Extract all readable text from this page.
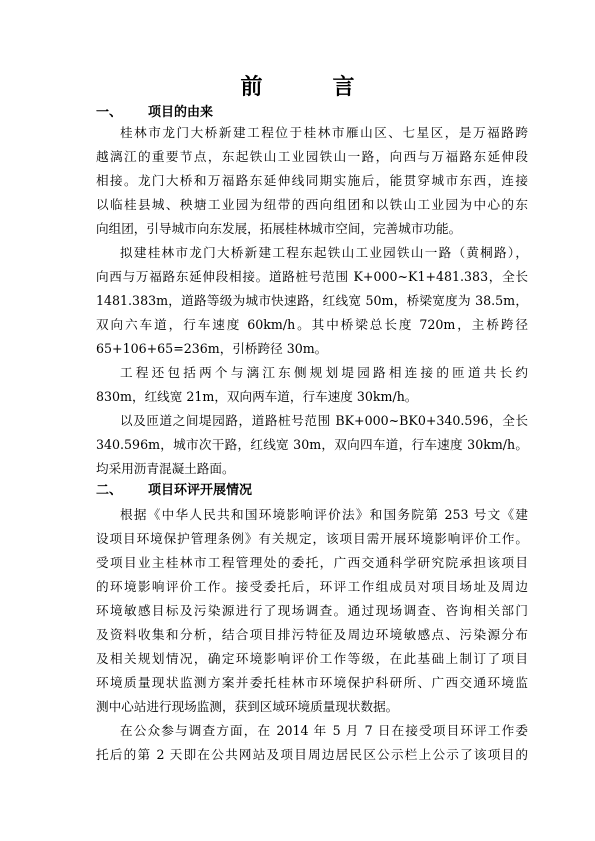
前　言
一、 项目的由来
桂林市龙门大桥新建工程位于桂林市雁山区、七星区，是万福路跨
越漓江的重要节点，东起铁山工业园铁山一路，向西与万福路东延伸段
相接。龙门大桥和万福路东延伸线同期实施后，能贯穿城市东西，连接
以临桂县城、秧塘工业园为纽带的西向组团和以铁山工业园为中心的东
向组团，引导城市向东发展，拓展桂林城市空间，完善城市功能。
拟建桂林市龙门大桥新建工程东起铁山工业园铁山一路（黄桐路），
向西与万福路东延伸段相接。道路桩号范围 K+000~K1+481.383，全长
1481.383m，道路等级为城市快速路，红线宽 50m，桥梁宽度为 38.5m，
双向六车道，行车速度 60km/h。其中桥梁总长度 720m，主桥跨径
65+106+65=236m，引桥跨径 30m。
工程还包括两个与漓江东侧规划堤园路相连接的匝道共长约
830m，红线宽 21m，双向两车道，行车速度 30km/h。
以及匝道之间堤园路，道路桩号范围 BK+000~BK0+340.596，全长
340.596m，城市次干路，红线宽 30m，双向四车道，行车速度 30km/h。
均采用沥青混凝土路面。
二、 项目环评开展情况
根据《中华人民共和国环境影响评价法》和国务院第 253 号文《建
设项目环境保护管理条例》有关规定，该项目需开展环境影响评价工作。
受项目业主桂林市工程管理处的委托，广西交通科学研究院承担该项目
的环境影响评价工作。接受委托后，环评工作组成员对项目场址及周边
环境敏感目标及污染源进行了现场调查。通过现场调查、咨询相关部门
及资料收集和分析，结合项目排污特征及周边环境敏感点、污染源分布
及相关规划情况，确定环境影响评价工作等级，在此基础上制订了项目
环境质量现状监测方案并委托桂林市环境保护科研所、广西交通环境监
测中心站进行现场监测，获到区域环境质量现状数据。
在公众参与调查方面，在 2014 年 5 月 7 日在接受项目环评工作委
托后的第 2 天即在公共网站及项目周边居民区公示栏上公示了该项目的
